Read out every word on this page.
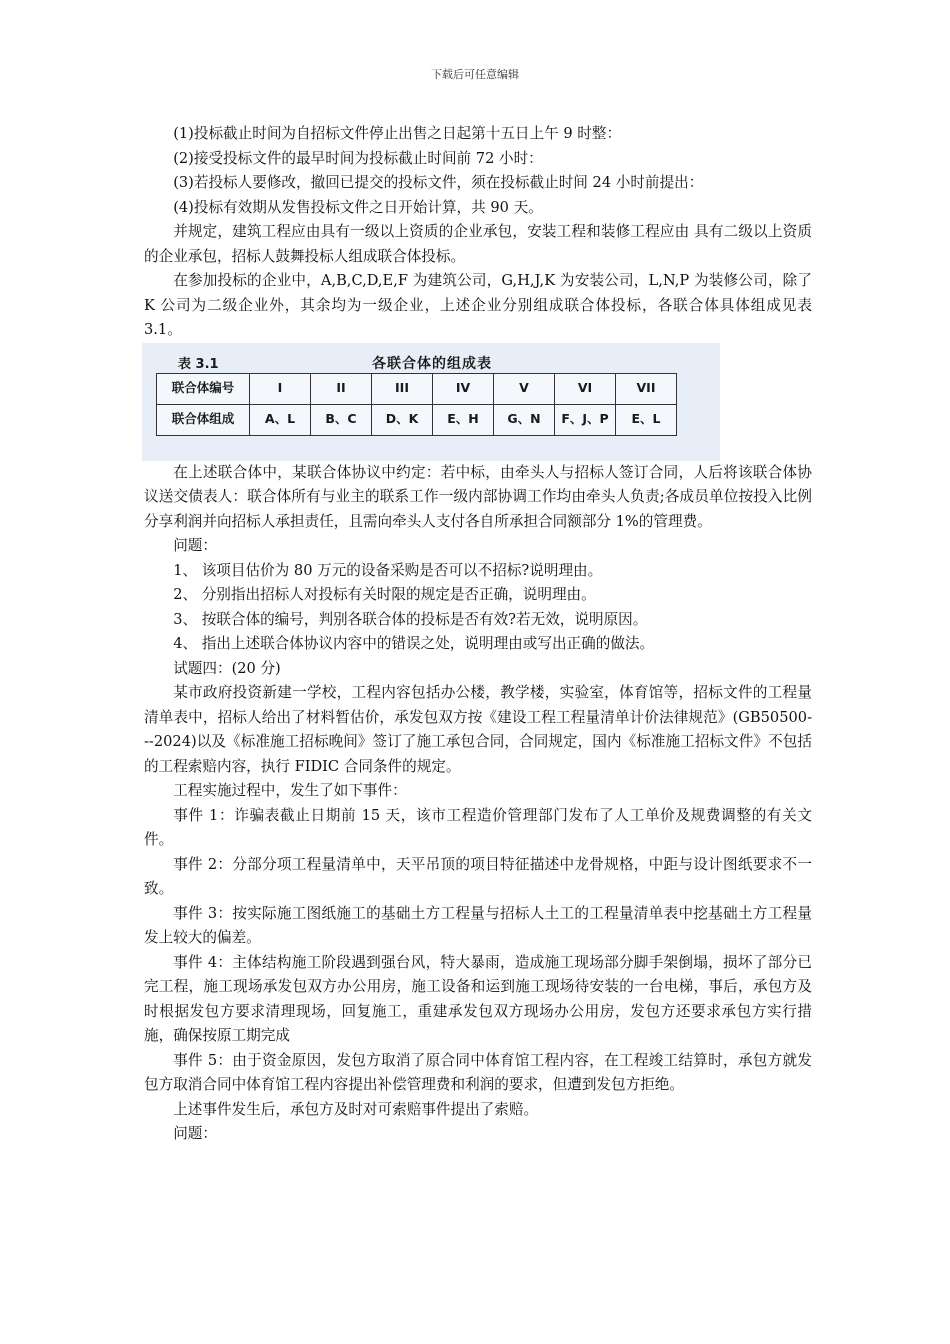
下载后可任意编辑

(1)投标截止时间为自招标文件停止出售之日起第十五日上午 9 时整：

(2)接受投标文件的最早时间为投标截止时间前 72 小时：

(3)若投标人要修改，撤回已提交的投标文件，须在投标截止时间 24 小时前提出：

(4)投标有效期从发售投标文件之日开始计算，共 90 天。

并规定，建筑工程应由具有一级以上资质的企业承包，安装工程和装修工程应由 具有二级以上资质的企业承包，招标人鼓舞投标人组成联合体投标。

在参加投标的企业中，A,B,C,D,E,F 为建筑公司，G,H,J,K 为安装公司，L,N,P 为装修公司，除了 K 公司为二级企业外，其余均为一级企业，上述企业分别组成联合体投标，各联合体具体组成见表 3.1。

表 3.1	各联合体的组成表
联合体编号	I	II	III	IV	V	VI	VII
联合体组成	A、L	B、C	D、K	E、H	G、N	F、J、P	E、L

在上述联合体中，某联合体协议中约定：若中标，由牵头人与招标人签订合同，人后将该联合体协议送交债表人：联合体所有与业主的联系工作一级内部协调工作均由牵头人负责;各成员单位按投入比例分享利润并向招标人承担责任，且需向牵头人支付各自所承担合同额部分 1%的管理费。

问题：

1、 该项目估价为 80 万元的设备采购是否可以不招标?说明理由。

2、 分别指出招标人对投标有关时限的规定是否正确，说明理由。

3、 按联合体的编号，判别各联合体的投标是否有效?若无效，说明原因。

4、 指出上述联合体协议内容中的错误之处，说明理由或写出正确的做法。

试题四：(20 分)

某市政府投资新建一学校，工程内容包括办公楼，教学楼，实验室，体育馆等，招标文件的工程量清单表中，招标人给出了材料暂估价，承发包双方按《建设工程工程量清单计价法律规范》(GB50500---2024)以及《标准施工招标晚间》签订了施工承包合同，合同规定，国内《标准施工招标文件》不包括的工程索赔内容，执行 FIDIC 合同条件的规定。

工程实施过程中，发生了如下事件：

事件 1：诈骗表截止日期前 15 天，该市工程造价管理部门发布了人工单价及规费调整的有关文件。

事件 2：分部分项工程量清单中，天平吊顶的项目特征描述中龙骨规格，中距与设计图纸要求不一致。

事件 3：按实际施工图纸施工的基础土方工程量与招标人土工的工程量清单表中挖基础土方工程量发上较大的偏差。

事件 4：主体结构施工阶段遇到强台风，特大暴雨，造成施工现场部分脚手架倒塌，损坏了部分已完工程，施工现场承发包双方办公用房，施工设备和运到施工现场待安装的一台电梯，事后，承包方及时根据发包方要求清理现场，回复施工，重建承发包双方现场办公用房，发包方还要求承包方实行措施，确保按原工期完成

事件 5：由于资金原因，发包方取消了原合同中体育馆工程内容，在工程竣工结算时，承包方就发包方取消合同中体育馆工程内容提出补偿管理费和利润的要求，但遭到发包方拒绝。

上述事件发生后，承包方及时对可索赔事件提出了索赔。

问题：
